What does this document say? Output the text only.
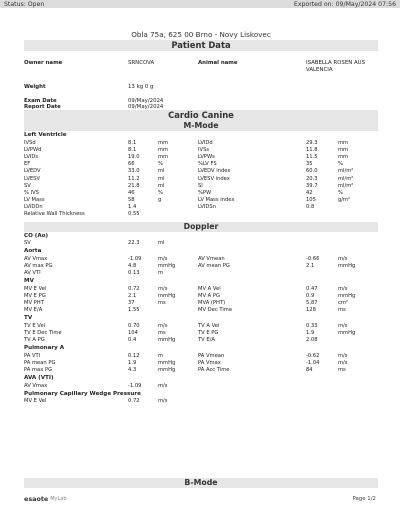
Status: Open	Exported on: 09/May/2024 07:56
Obla 75a, 625 00 Brno - Novy Liskovec
Patient Data
Owner name	SRNCOVA	Animal name	ISABELLA ROSEN AUS
VALENCIA
Weight	13 kg 0 g
Exam Date	09/May/2024
Report Date	09/May/2024
Cardio Canine
M-Mode
Left Ventricle
IVSd	8.1	mm	LVIDd	29.3	mm
LVPWd	8.1	mm	IVSs	11.8	mm
LVIDs	19.0	mm	LVPWs	11.5	mm
EF	66	%	%LV FS	35	%
LVEDV	33.0	ml	LVEDV index	60.0	ml/m²
LVESV	11.2	ml	LVESV index	20.3	ml/m²
SV	21.8	ml	SI	39.7	ml/m²
% IVS	46	%	%PW	42	%
LV Mass	58	g	LV Mass index	105	g/m²
LVIDDn	1.4	LVIDSn	0.8
Relative Wall Thickness	0.55
Doppler
CO (Ao)
SV	22.3	ml
Aorta
AV Vmax	-1.09	m/s	AV Vmean	-0.66	m/s
AV max PG	4.8	mmHg	AV mean PG	2.1	mmHg
AV VTI	0.13	m
MV
MV E Vel	0.72	m/s	MV A Vel	0.47	m/s
MV E PG	2.1	mmHg	MV A PG	0.9	mmHg
MV PHT	37	ms	MVA (PHT)	5.87	cm²
MV E/A	1.55	MV Dec Time	128	ms
TV
TV E Vel	0.70	m/s	TV A Vel	0.33	m/s
TV E Dec Time	104	ms	TV E PG	1.9	mmHg
TV A PG	0.4	mmHg	TV E/A	2.08
Pulmonary A
PA VTI	0.12	m	PA Vmean	-0.62	m/s
PA mean PG	1.9	mmHg	PA Vmax	-1.04	m/s
PA max PG	4.3	mmHg	PA Acc Time	84	ms
AVA (VTI)
AV Vmax	-1.09	m/s
Pulmonary Capillary Wedge Pressure
MV E Vel	0.72	m/s
B-Mode
esaote MyLab	Page 1/2
